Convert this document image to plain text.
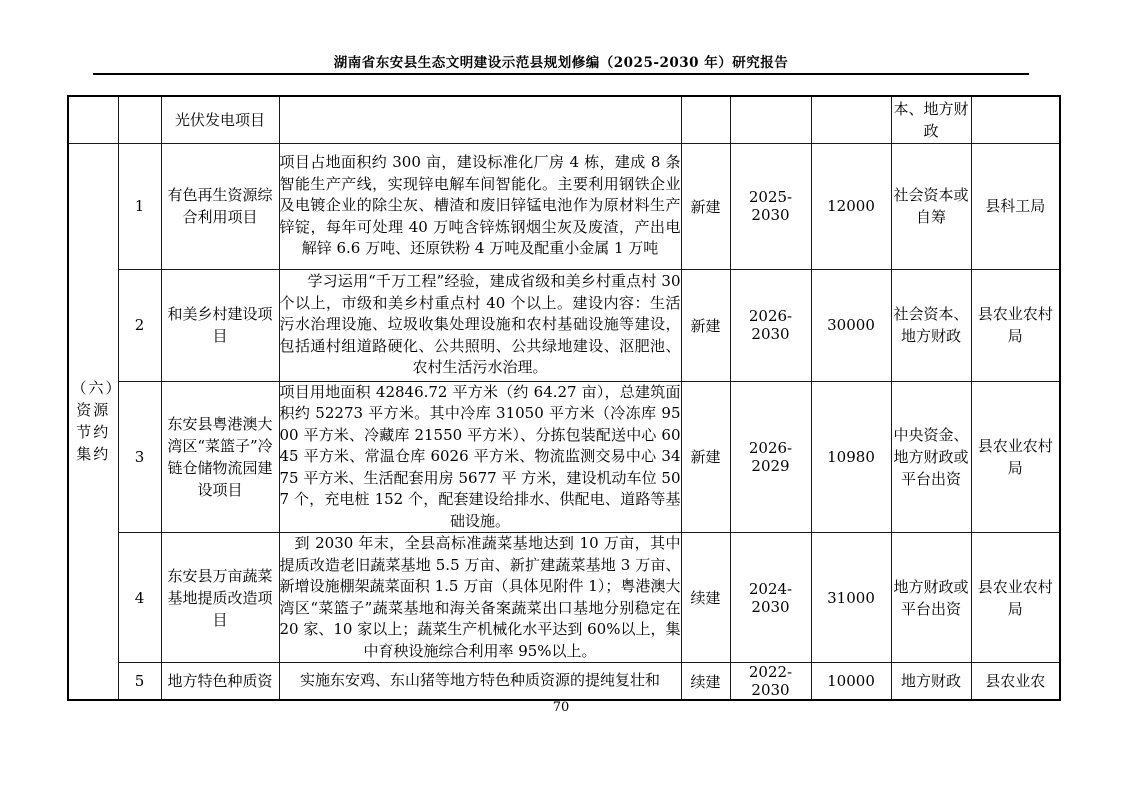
湖南省东安县生态文明建设示范县规划修编（2025-2030 年）研究报告
		光伏发电项目					本、地方财政	
（六）资源节约集约	1	有色再生资源综合利用项目	项目占地面积约 300 亩，建设标准化厂房 4 栋，建成 8 条智能生产产线，实现锌电解车间智能化。主要利用钢铁企业及电镀企业的除尘灰、槽渣和废旧锌锰电池作为原材料生产锌锭，每年可处理 40 万吨含锌炼钢烟尘灰及废渣，产出电解锌 6.6 万吨、还原铁粉 4 万吨及配重小金属 1 万吨	新建	2025-2030	12000	社会资本或自筹	县科工局
	2	和美乡村建设项目	学习运用“千万工程”经验，建成省级和美乡村重点村 30 个以上，市级和美乡村重点村 40 个以上。建设内容：生活污水治理设施、垃圾收集处理设施和农村基础设施等建设，包括通村组道路硬化、公共照明、公共绿地建设、沤肥池、农村生活污水治理。	新建	2026-2030	30000	社会资本、地方财政	县农业农村局
	3	东安县粤港澳大湾区“菜篮子”冷链仓储物流园建设项目	项目用地面积 42846.72 平方米（约 64.27 亩），总建筑面积约 52273 平方米。其中冷库 31050 平方米（冷冻库 9500 平方米、冷藏库 21550 平方米）、分拣包装配送中心 6045 平方米、常温仓库 6026 平方米、物流监测交易中心 3475 平方米、生活配套用房 5677 平 方米，建设机动车位 507 个，充电桩 152 个，配套建设给排水、供配电、道路等基础设施。	新建	2026-2029	10980	中央资金、地方财政或平台出资	县农业农村局
	4	东安县万亩蔬菜基地提质改造项目	到 2030 年末，全县高标准蔬菜基地达到 10 万亩，其中提质改造老旧蔬菜基地 5.5 万亩、新扩建蔬菜基地 3 万亩、新增设施棚架蔬菜面积 1.5 万亩（具体见附件 1）；粤港澳大湾区“菜篮子”蔬菜基地和海关备案蔬菜出口基地分别稳定在 20 家、10 家以上；蔬菜生产机械化水平达到 60%以上，集中育秧设施综合利用率 95%以上。	续建	2024-2030	31000	地方财政或平台出资	县农业农村局
	5	地方特色种质资	实施东安鸡、东山猪等地方特色种质资源的提纯复壮和	续建	2022-2030	10000	地方财政	县农业农
70
